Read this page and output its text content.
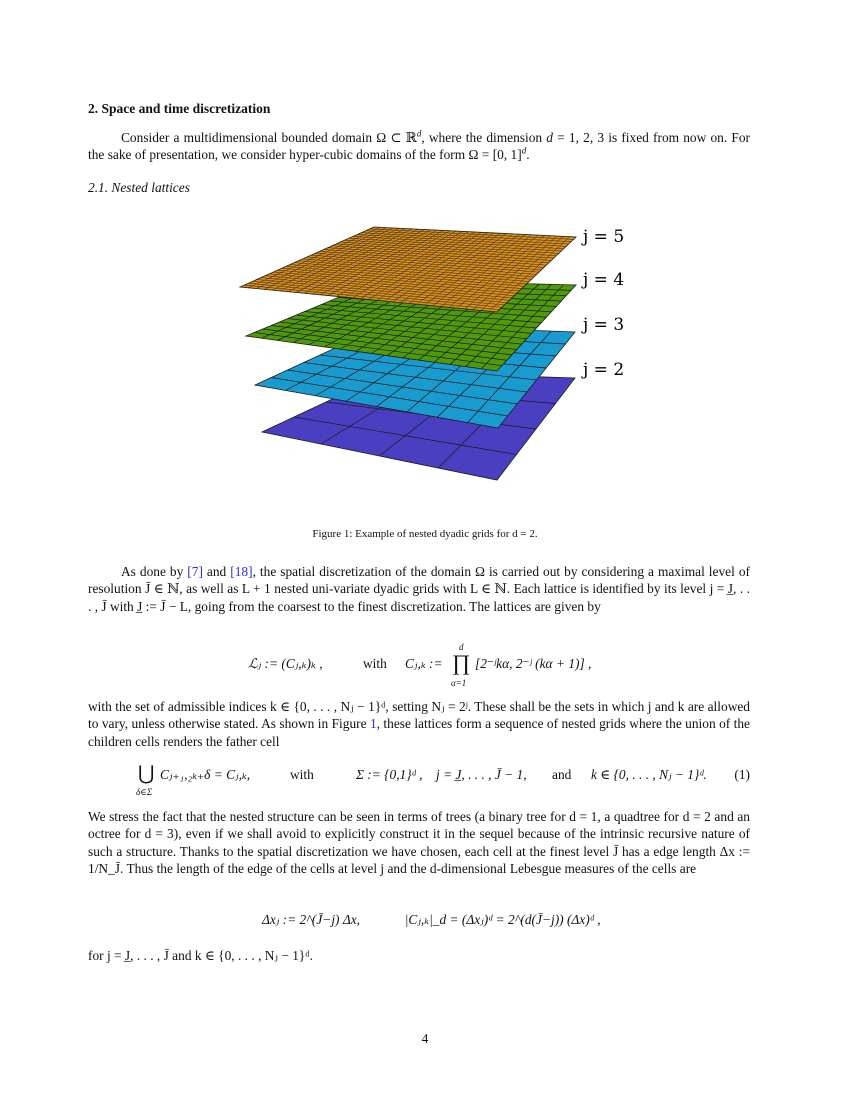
2. Space and time discretization
Consider a multidimensional bounded domain Ω ⊂ ℝ$^d$, where the dimension d = 1, 2, 3 is fixed from now on. For the sake of presentation, we consider hyper-cubic domains of the form Ω = [0, 1]$^d$.
2.1. Nested lattices
j = 5
j = 4
j = 3
j = 2
Figure 1: Example of nested dyadic grids for d = 2.
As done by [7] and [18], the spatial discretization of the domain Ω is carried out by considering a maximal level of resolution J̄ ∈ ℕ, as well as L + 1 nested uni-variate dyadic grids with L ∈ ℕ. Each lattice is identified by its level j = J̲, . . . , J̄ with J̲ := J̄ − L, going from the coarsest to the finest discretization. The lattices are given by
ℒⱼ := (Cⱼ,ₖ)ₖ ,	with Cⱼ,ₖ :=
d
∏
α=1
[2⁻ʲkα, 2⁻ʲ (kα + 1)] ,
with the set of admissible indices k ∈ {0, . . . , Nⱼ − 1}ᵈ, setting Nⱼ = 2ʲ. These shall be the sets in which j and k are allowed to vary, unless otherwise stated. As shown in Figure 1, these lattices form a sequence of nested grids where the union of the children cells renders the father cell
⋃
δ∈Σ
Cⱼ₊₁,₂ₖ₊δ = Cⱼ,ₖ,	with	Σ := {0,1}ᵈ , j = J̲, . . . , J̄ − 1, and k ∈ {0, . . . , Nⱼ − 1}ᵈ. (1)
We stress the fact that the nested structure can be seen in terms of trees (a binary tree for d = 1, a quadtree for d = 2 and an octree for d = 3), even if we shall avoid to explicitly construct it in the sequel because of the intrinsic recursive nature of such a structure. Thanks to the spatial discretization we have chosen, each cell at the finest level J̄ has a edge length Δx := 1/N_J̄. Thus the length of the edge of the cells at level j and the d-dimensional Lebesgue measures of the cells are
Δxⱼ := 2^(J̄−j) Δx,	|Cⱼ,ₖ|_d = (Δxⱼ)ᵈ = 2^(d(J̄−j)) (Δx)ᵈ ,
for j = J̲, . . . , J̄ and k ∈ {0, . . . , Nⱼ − 1}ᵈ.
4
